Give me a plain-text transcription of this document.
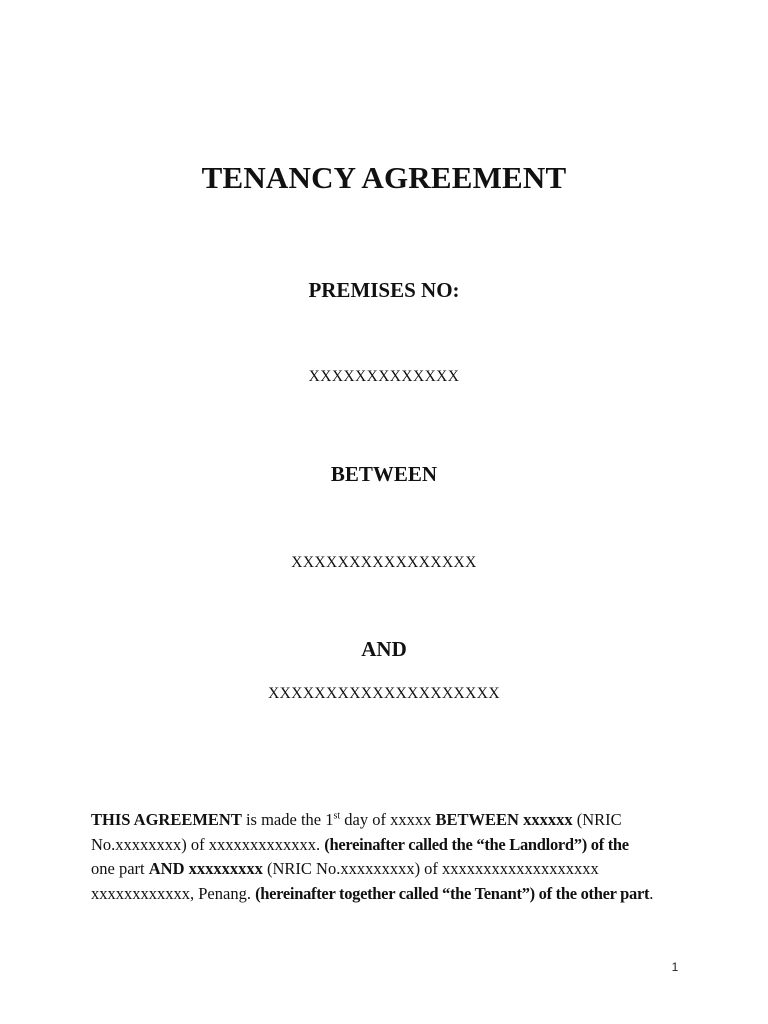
TENANCY AGREEMENT
PREMISES NO:
XXXXXXXXXXXXX
BETWEEN
XXXXXXXXXXXXXXXX
AND
XXXXXXXXXXXXXXXXXXXX
THIS AGREEMENT is made the 1st day of xxxxx BETWEEN xxxxxx (NRIC
No.xxxxxxxx) of xxxxxxxxxxxxx. (hereinafter called the “the Landlord”) of the
one part AND xxxxxxxxx (NRIC No.xxxxxxxxx) of xxxxxxxxxxxxxxxxxxx
xxxxxxxxxxxx, Penang. (hereinafter together called “the Tenant”) of the other part.
1
